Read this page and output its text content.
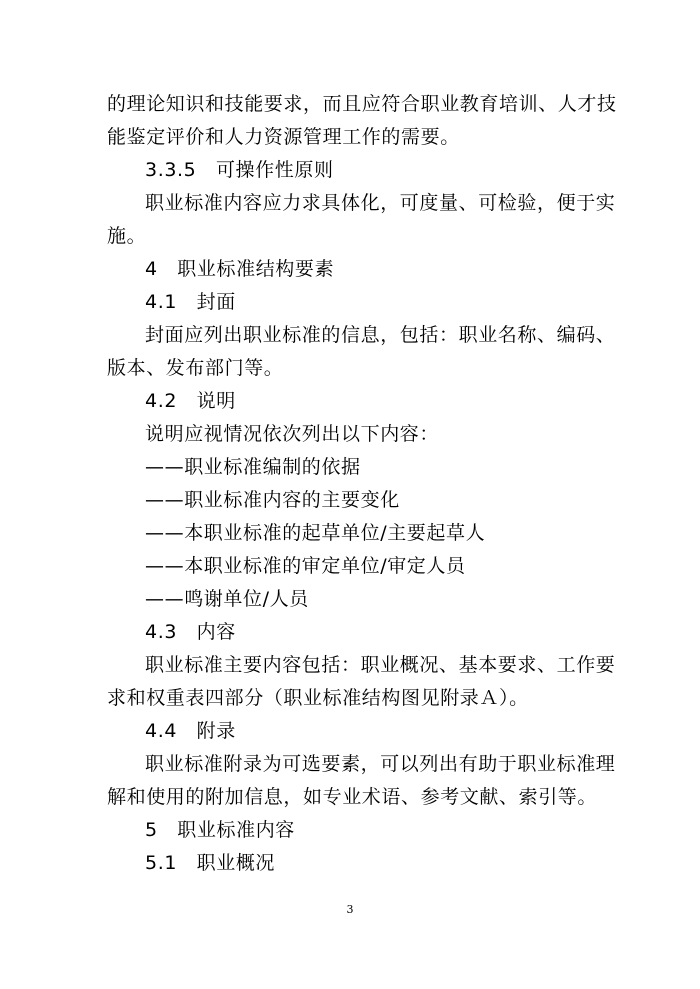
的理论知识和技能要求，而且应符合职业教育培训、人才技
能鉴定评价和人力资源管理工作的需要。
3.3.5　可操作性原则
职业标准内容应力求具体化，可度量、可检验，便于实
施。
4　职业标准结构要素
4.1　封面
封面应列出职业标准的信息，包括：职业名称、编码、
版本、发布部门等。
4.2　说明
说明应视情况依次列出以下内容：
——职业标准编制的依据
——职业标准内容的主要变化
——本职业标准的起草单位/主要起草人
——本职业标准的审定单位/审定人员
——鸣谢单位/人员
4.3　内容
职业标准主要内容包括：职业概况、基本要求、工作要
求和权重表四部分（职业标准结构图见附录Ａ）。
4.4　附录
职业标准附录为可选要素，可以列出有助于职业标准理
解和使用的附加信息，如专业术语、参考文献、索引等。
5　职业标准内容
5.1　职业概况
3
